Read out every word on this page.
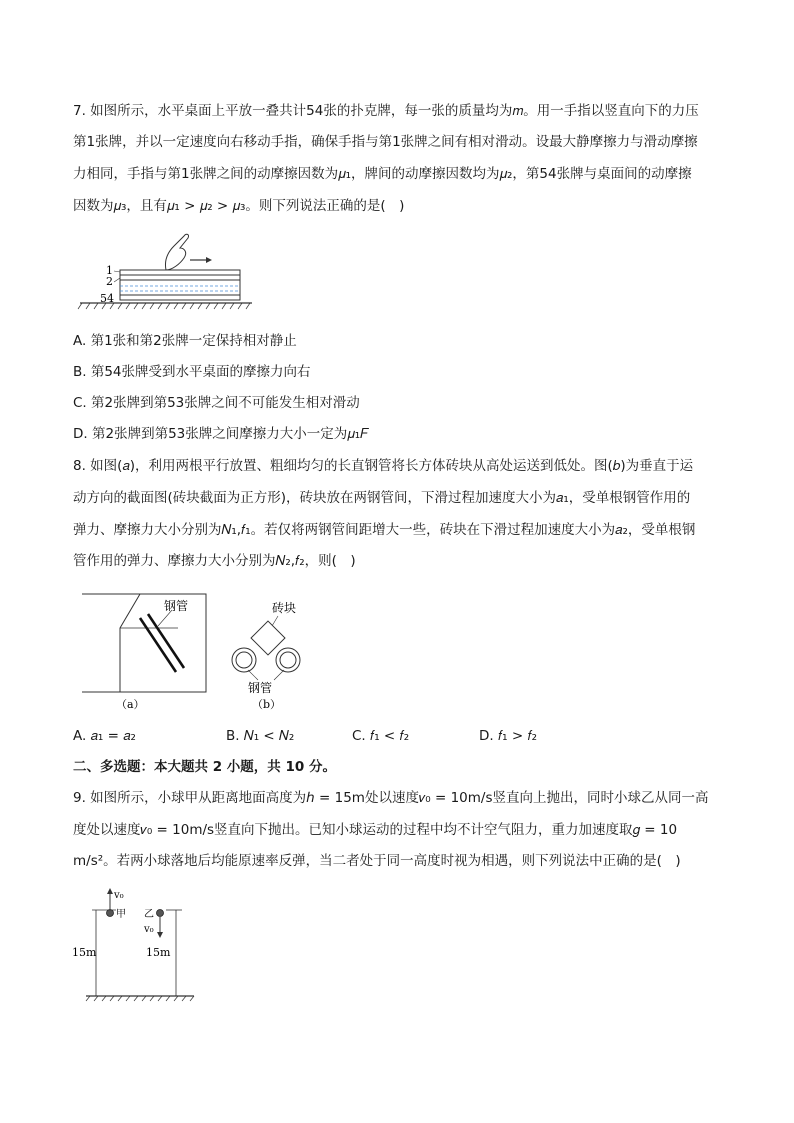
7. 如图所示，水平桌面上平放一叠共计54张的扑克牌，每一张的质量均为𝑚。用一手指以竖直向下的力压
第1张牌，并以一定速度向右移动手指，确保手指与第1张牌之间有相对滑动。设最大静摩擦力与滑动摩擦
力相同，手指与第1张牌之间的动摩擦因数为𝜇₁，牌间的动摩擦因数均为𝜇₂，第54张牌与桌面间的动摩擦
因数为𝜇₃，且有𝜇₁ > 𝜇₂ > 𝜇₃。则下列说法正确的是(　)
1
2
54
A. 第1张和第2张牌一定保持相对静止
B. 第54张牌受到水平桌面的摩擦力向右
C. 第2张牌到第53张牌之间不可能发生相对滑动
D. 第2张牌到第53张牌之间摩擦力大小一定为𝜇₁𝐹
8. 如图(𝑎)，利用两根平行放置、粗细均匀的长直钢管将长方体砖块从高处运送到低处。图(𝑏)为垂直于运
动方向的截面图(砖块截面为正方形)，砖块放在两钢管间，下滑过程加速度大小为𝑎₁，受单根钢管作用的
弹力、摩擦力大小分别为𝑁₁,𝑓₁。若仅将两钢管间距增大一些，砖块在下滑过程加速度大小为𝑎₂，受单根钢
管作用的弹力、摩擦力大小分别为𝑁₂,𝑓₂，则(　)
钢管
（a）
砖块
钢管
（b）
A. 𝑎₁ = 𝑎₂	B. 𝑁₁ < 𝑁₂	C. 𝑓₁ < 𝑓₂	D. 𝑓₁ > 𝑓₂
二、多选题：本大题共 2 小题，共 10 分。
9. 如图所示，小球甲从距离地面高度为ℎ = 15m处以速度𝑣₀ = 10m/s竖直向上抛出，同时小球乙从同一高
度处以速度𝑣₀ = 10m/s竖直向下抛出。已知小球运动的过程中均不计空气阻力，重力加速度取𝑔 = 10
m/s²。若两小球落地后均能原速率反弹，当二者处于同一高度时视为相遇，则下列说法中正确的是(　)
v₀
甲
15m
乙
v₀
15m
